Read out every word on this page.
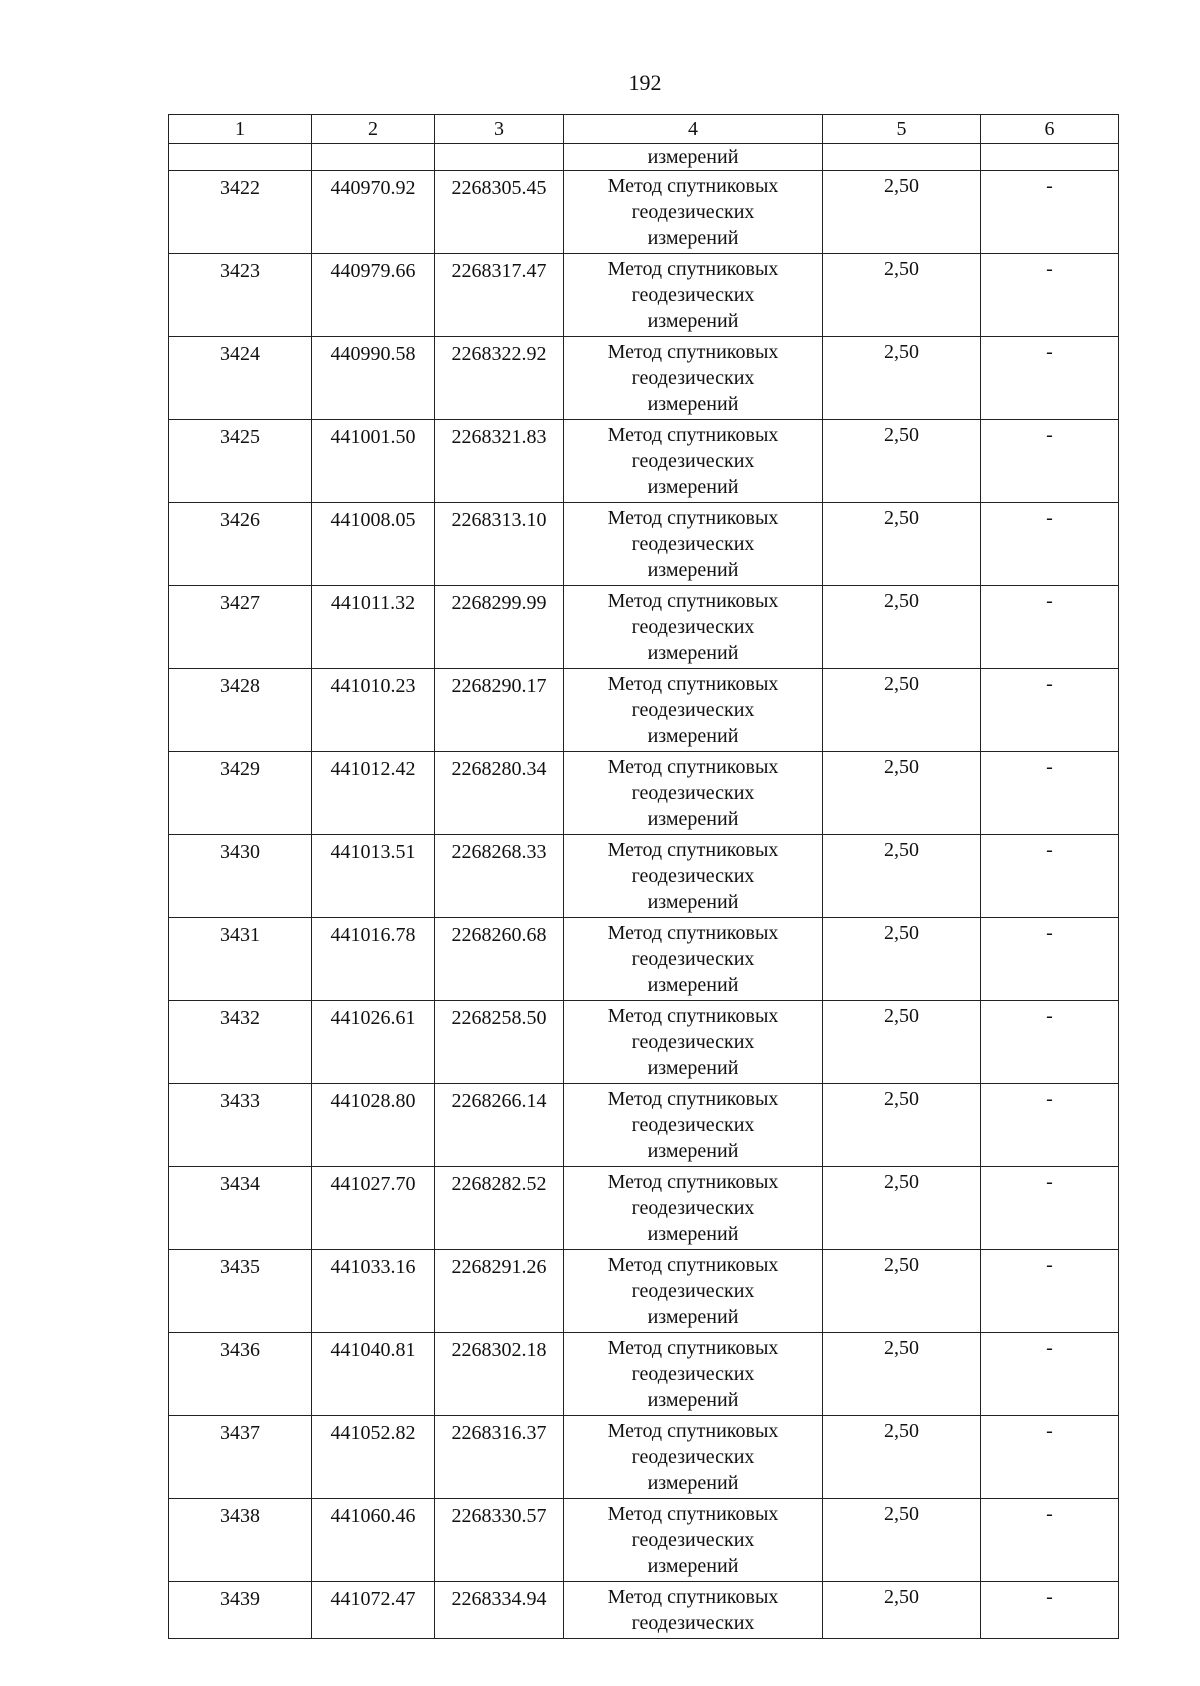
192
1	2	3	4	5	6
			измерений		
3422	440970.92	2268305.45	Метод спутниковых
геодезических
измерений	2,50	-
3423	440979.66	2268317.47	Метод спутниковых
геодезических
измерений	2,50	-
3424	440990.58	2268322.92	Метод спутниковых
геодезических
измерений	2,50	-
3425	441001.50	2268321.83	Метод спутниковых
геодезических
измерений	2,50	-
3426	441008.05	2268313.10	Метод спутниковых
геодезических
измерений	2,50	-
3427	441011.32	2268299.99	Метод спутниковых
геодезических
измерений	2,50	-
3428	441010.23	2268290.17	Метод спутниковых
геодезических
измерений	2,50	-
3429	441012.42	2268280.34	Метод спутниковых
геодезических
измерений	2,50	-
3430	441013.51	2268268.33	Метод спутниковых
геодезических
измерений	2,50	-
3431	441016.78	2268260.68	Метод спутниковых
геодезических
измерений	2,50	-
3432	441026.61	2268258.50	Метод спутниковых
геодезических
измерений	2,50	-
3433	441028.80	2268266.14	Метод спутниковых
геодезических
измерений	2,50	-
3434	441027.70	2268282.52	Метод спутниковых
геодезических
измерений	2,50	-
3435	441033.16	2268291.26	Метод спутниковых
геодезических
измерений	2,50	-
3436	441040.81	2268302.18	Метод спутниковых
геодезических
измерений	2,50	-
3437	441052.82	2268316.37	Метод спутниковых
геодезических
измерений	2,50	-
3438	441060.46	2268330.57	Метод спутниковых
геодезических
измерений	2,50	-
3439	441072.47	2268334.94	Метод спутниковых
геодезических	2,50	-
